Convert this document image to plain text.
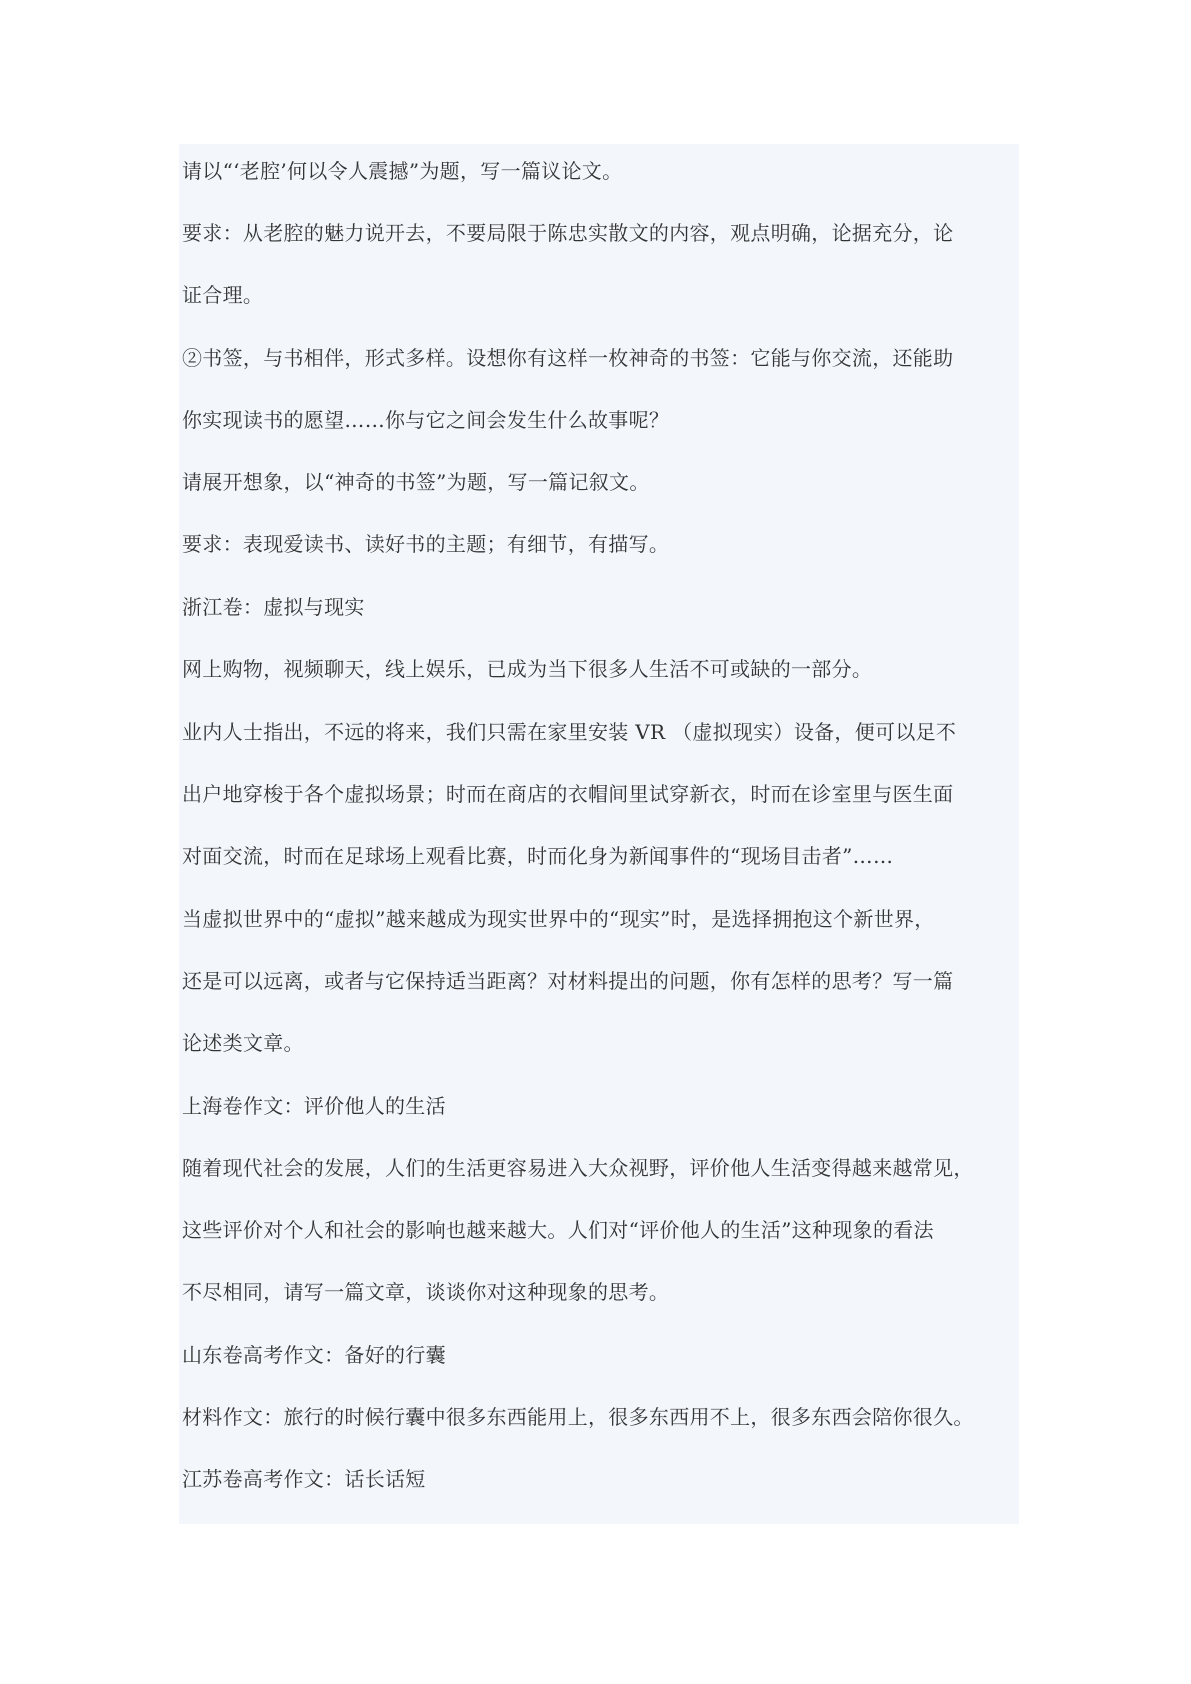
请以“‘老腔’何以令人震撼”为题，写一篇议论文。
要求：从老腔的魅力说开去，不要局限于陈忠实散文的内容，观点明确，论据充分，论
证合理。
②书签，与书相伴，形式多样。设想你有这样一枚神奇的书签：它能与你交流，还能助
你实现读书的愿望……你与它之间会发生什么故事呢？
请展开想象，以“神奇的书签”为题，写一篇记叙文。
要求：表现爱读书、读好书的主题；有细节，有描写。
浙江卷：虚拟与现实
网上购物，视频聊天，线上娱乐，已成为当下很多人生活不可或缺的一部分。
业内人士指出，不远的将来，我们只需在家里安装 VR （虚拟现实）设备，便可以足不
出户地穿梭于各个虚拟场景；时而在商店的衣帽间里试穿新衣，时而在诊室里与医生面
对面交流，时而在足球场上观看比赛，时而化身为新闻事件的“现场目击者”……
当虚拟世界中的“虚拟”越来越成为现实世界中的“现实”时，是选择拥抱这个新世界，
还是可以远离，或者与它保持适当距离？对材料提出的问题，你有怎样的思考？写一篇
论述类文章。
上海卷作文：评价他人的生活
随着现代社会的发展，人们的生活更容易进入大众视野，评价他人生活变得越来越常见，
这些评价对个人和社会的影响也越来越大。人们对“评价他人的生活”这种现象的看法
不尽相同，请写一篇文章，谈谈你对这种现象的思考。
山东卷高考作文：备好的行囊
材料作文：旅行的时候行囊中很多东西能用上，很多东西用不上，很多东西会陪你很久。
江苏卷高考作文：话长话短
